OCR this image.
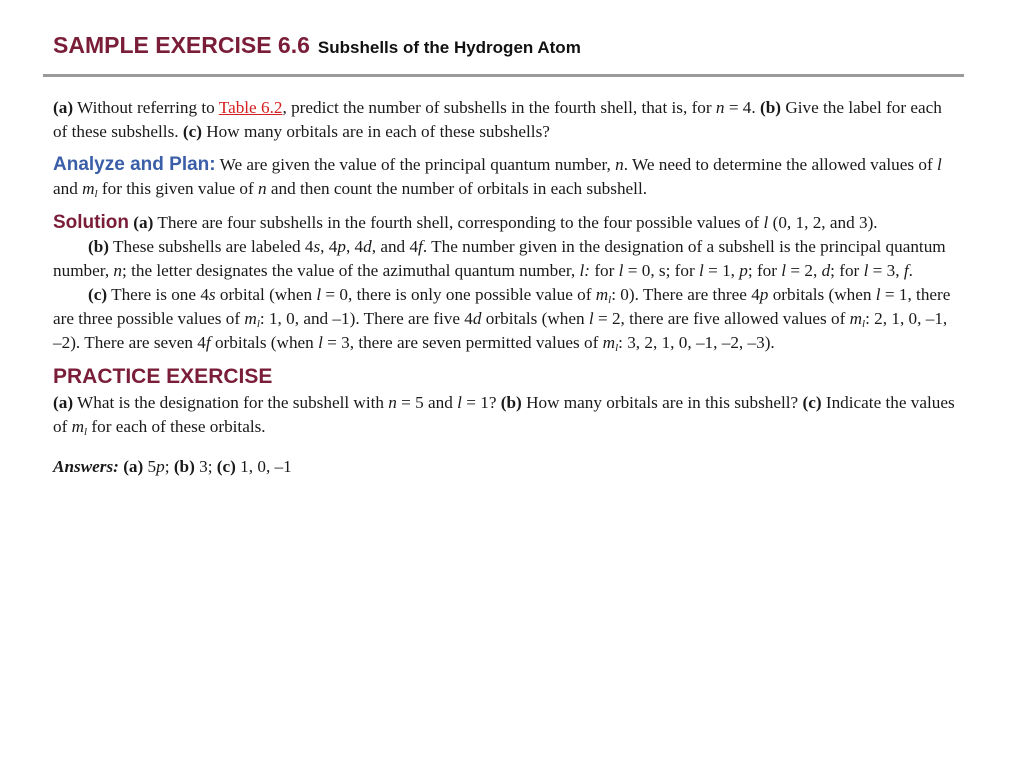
SAMPLE EXERCISE 6.6 Subshells of the Hydrogen Atom

(a) Without referring to Table 6.2, predict the number of subshells in the fourth shell, that is, for n = 4. (b) Give the label for each of these subshells. (c) How many orbitals are in each of these subshells?

Analyze and Plan: We are given the value of the principal quantum number, n. We need to determine the allowed values of l and $m_l$ for this given value of n and then count the number of orbitals in each subshell.

Solution (a) There are four subshells in the fourth shell, corresponding to the four possible values of l (0, 1, 2, and 3).

(b) These subshells are labeled 4s, 4p, 4d, and 4f. The number given in the designation of a subshell is the principal quantum number, n; the letter designates the value of the azimuthal quantum number, l: for l = 0, s; for l = 1, p; for l = 2, d; for l = 3, f.

(c) There is one 4s orbital (when l = 0, there is only one possible value of $m_l$: 0). There are three 4p orbitals (when l = 1, there are three possible values of $m_l$: 1, 0, and –1). There are five 4d orbitals (when l = 2, there are five allowed values of $m_l$: 2, 1, 0, –1, –2). There are seven 4f orbitals (when l = 3, there are seven permitted values of $m_l$: 3, 2, 1, 0, –1, –2, –3).

PRACTICE EXERCISE

(a) What is the designation for the subshell with n = 5 and l = 1? (b) How many orbitals are in this subshell? (c) Indicate the values of $m_l$ for each of these orbitals.

Answers: (a) 5p; (b) 3; (c) 1, 0, –1
